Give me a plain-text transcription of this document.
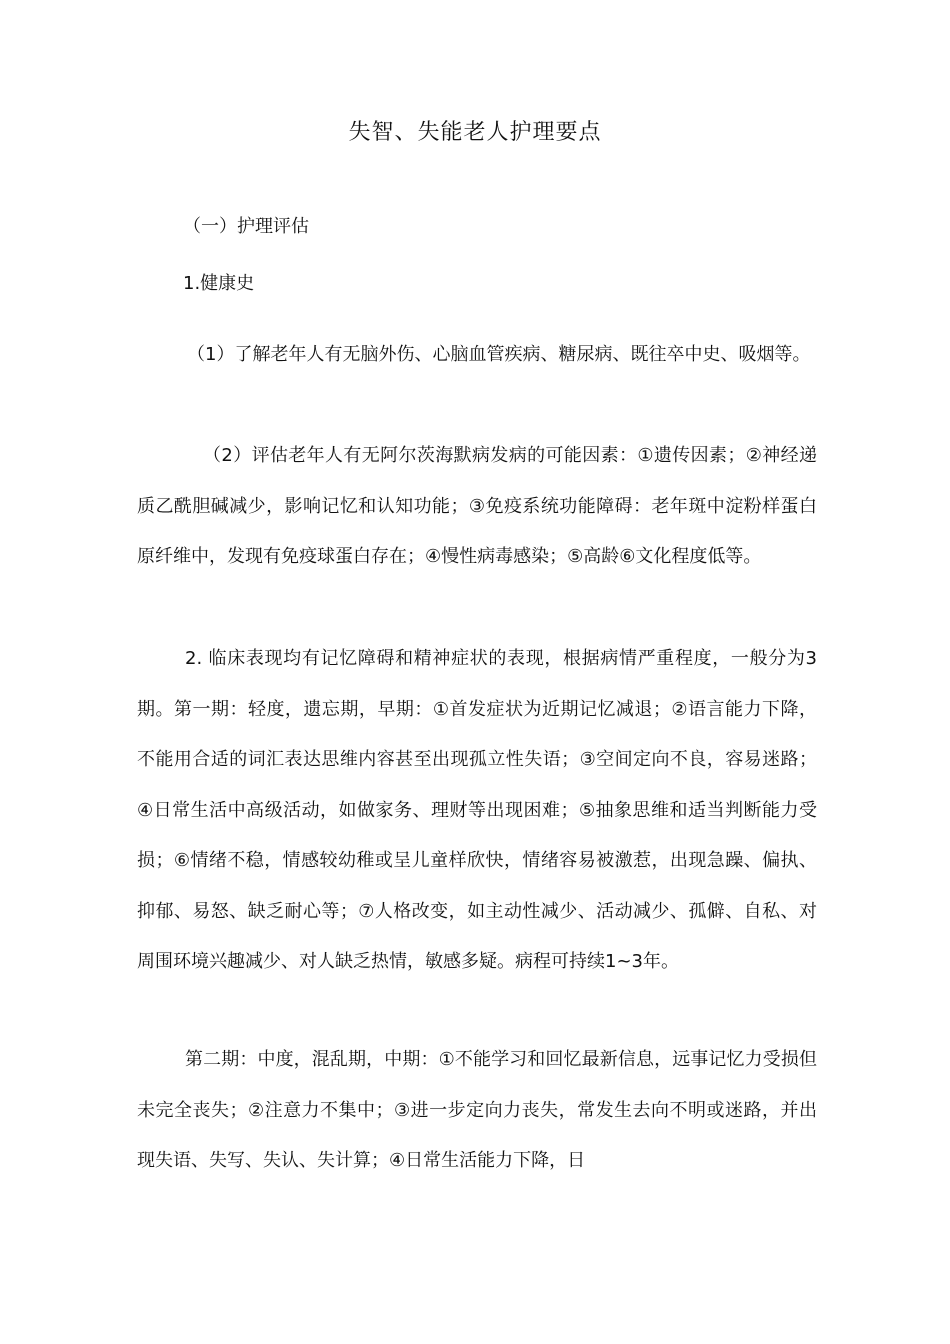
失智、失能老人护理要点
（一）护理评估
1.健康史
（1）了解老年人有无脑外伤、心脑血管疾病、糖尿病、既往卒中史、吸烟等。
（2）评估老年人有无阿尔茨海默病发病的可能因素：①遗传因素；②神经递质乙酰胆碱减少，影响记忆和认知功能；③免疫系统功能障碍：老年斑中淀粉样蛋白原纤维中，发现有免疫球蛋白存在；④慢性病毒感染；⑤高龄⑥文化程度低等。
2. 临床表现均有记忆障碍和精神症状的表现，根据病情严重程度，一般分为3期。第一期：轻度，遗忘期，早期：①首发症状为近期记忆减退；②语言能力下降，不能用合适的词汇表达思维内容甚至出现孤立性失语；③空间定向不良，容易迷路；④日常生活中高级活动，如做家务、理财等出现困难；⑤抽象思维和适当判断能力受损；⑥情绪不稳，情感较幼稚或呈儿童样欣快，情绪容易被激惹，出现急躁、偏执、抑郁、易怒、缺乏耐心等；⑦人格改变，如主动性减少、活动减少、孤僻、自私、对周围环境兴趣减少、对人缺乏热情，敏感多疑。病程可持续1~3年。
第二期：中度，混乱期，中期：①不能学习和回忆最新信息，远事记忆力受损但未完全丧失；②注意力不集中；③进一步定向力丧失，常发生去向不明或迷路，并出现失语、失写、失认、失计算；④日常生活能力下降，日
